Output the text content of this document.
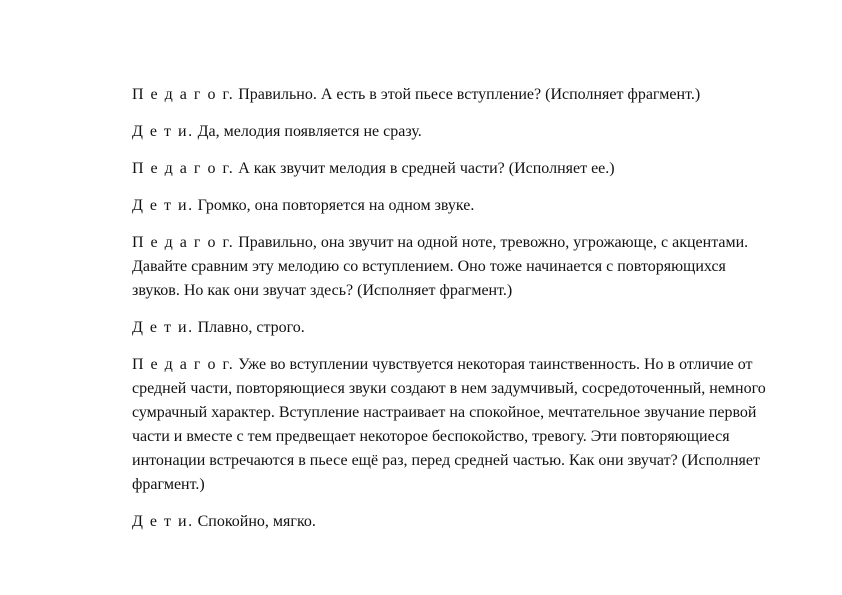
П е д а г о г. Правильно. А есть в этой пьесе вступление? (Исполняет фрагмент.)

Д е т и. Да, мелодия появляется не сразу.

П е д а г о г. А как звучит мелодия в средней части? (Исполняет ее.)

Д е т и. Громко, она повторяется на одном звуке.

П е д а г о г. Правильно, она звучит на одной ноте, тревожно, угрожающе, с акцентами. Давайте сравним эту мелодию со вступлением. Оно тоже начинается с повторяющихся звуков. Но как они звучат здесь? (Исполняет фрагмент.)

Д е т и. Плавно, строго.

П е д а г о г. Уже во вступлении чувствуется некоторая таинственность. Но в отличие от средней части, повторяющиеся звуки создают в нем задумчивый, сосредоточенный, немного сумрачный характер. Вступление настраивает на спокойное, мечтательное звучание первой части и вместе с тем предвещает некоторое беспокойство, тревогу. Эти повторяющиеся интонации встречаются в пьесе ещё раз, перед средней частью. Как они звучат? (Исполняет фрагмент.)

Д е т и. Спокойно, мягко.
